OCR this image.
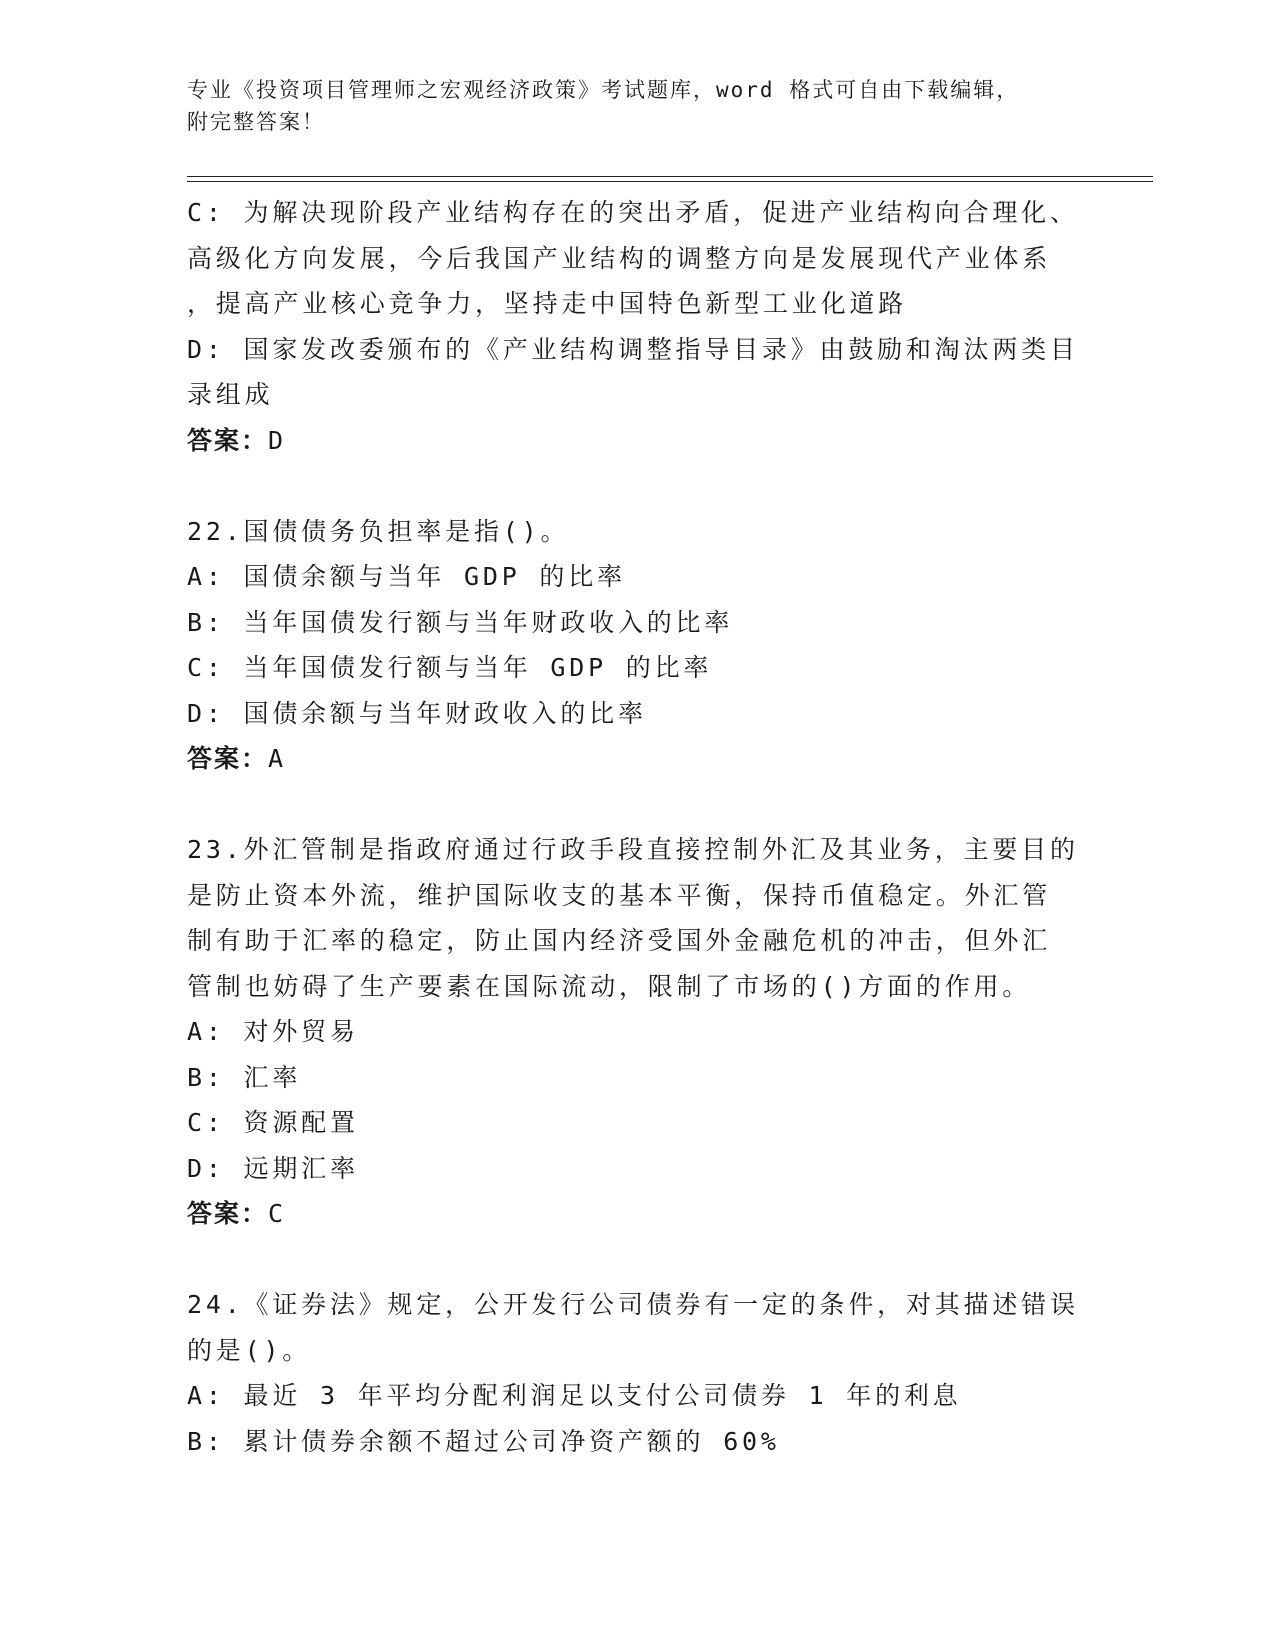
专业《投资项目管理师之宏观经济政策》考试题库，word 格式可自由下载编辑，
附完整答案！
C: 为解决现阶段产业结构存在的突出矛盾，促进产业结构向合理化、
高级化方向发展，今后我国产业结构的调整方向是发展现代产业体系
，提高产业核心竞争力，坚持走中国特色新型工业化道路
D: 国家发改委颁布的《产业结构调整指导目录》由鼓励和淘汰两类目
录组成
答案：D
22.国债债务负担率是指()。
A: 国债余额与当年 GDP 的比率
B: 当年国债发行额与当年财政收入的比率
C: 当年国债发行额与当年 GDP 的比率
D: 国债余额与当年财政收入的比率
答案：A
23.外汇管制是指政府通过行政手段直接控制外汇及其业务，主要目的
是防止资本外流，维护国际收支的基本平衡，保持币值稳定。外汇管
制有助于汇率的稳定，防止国内经济受国外金融危机的冲击，但外汇
管制也妨碍了生产要素在国际流动，限制了市场的()方面的作用。
A: 对外贸易
B: 汇率
C: 资源配置
D: 远期汇率
答案：C
24.《证券法》规定，公开发行公司债券有一定的条件，对其描述错误
的是()。
A: 最近 3 年平均分配利润足以支付公司债券 1 年的利息
B: 累计债券余额不超过公司净资产额的 60%
